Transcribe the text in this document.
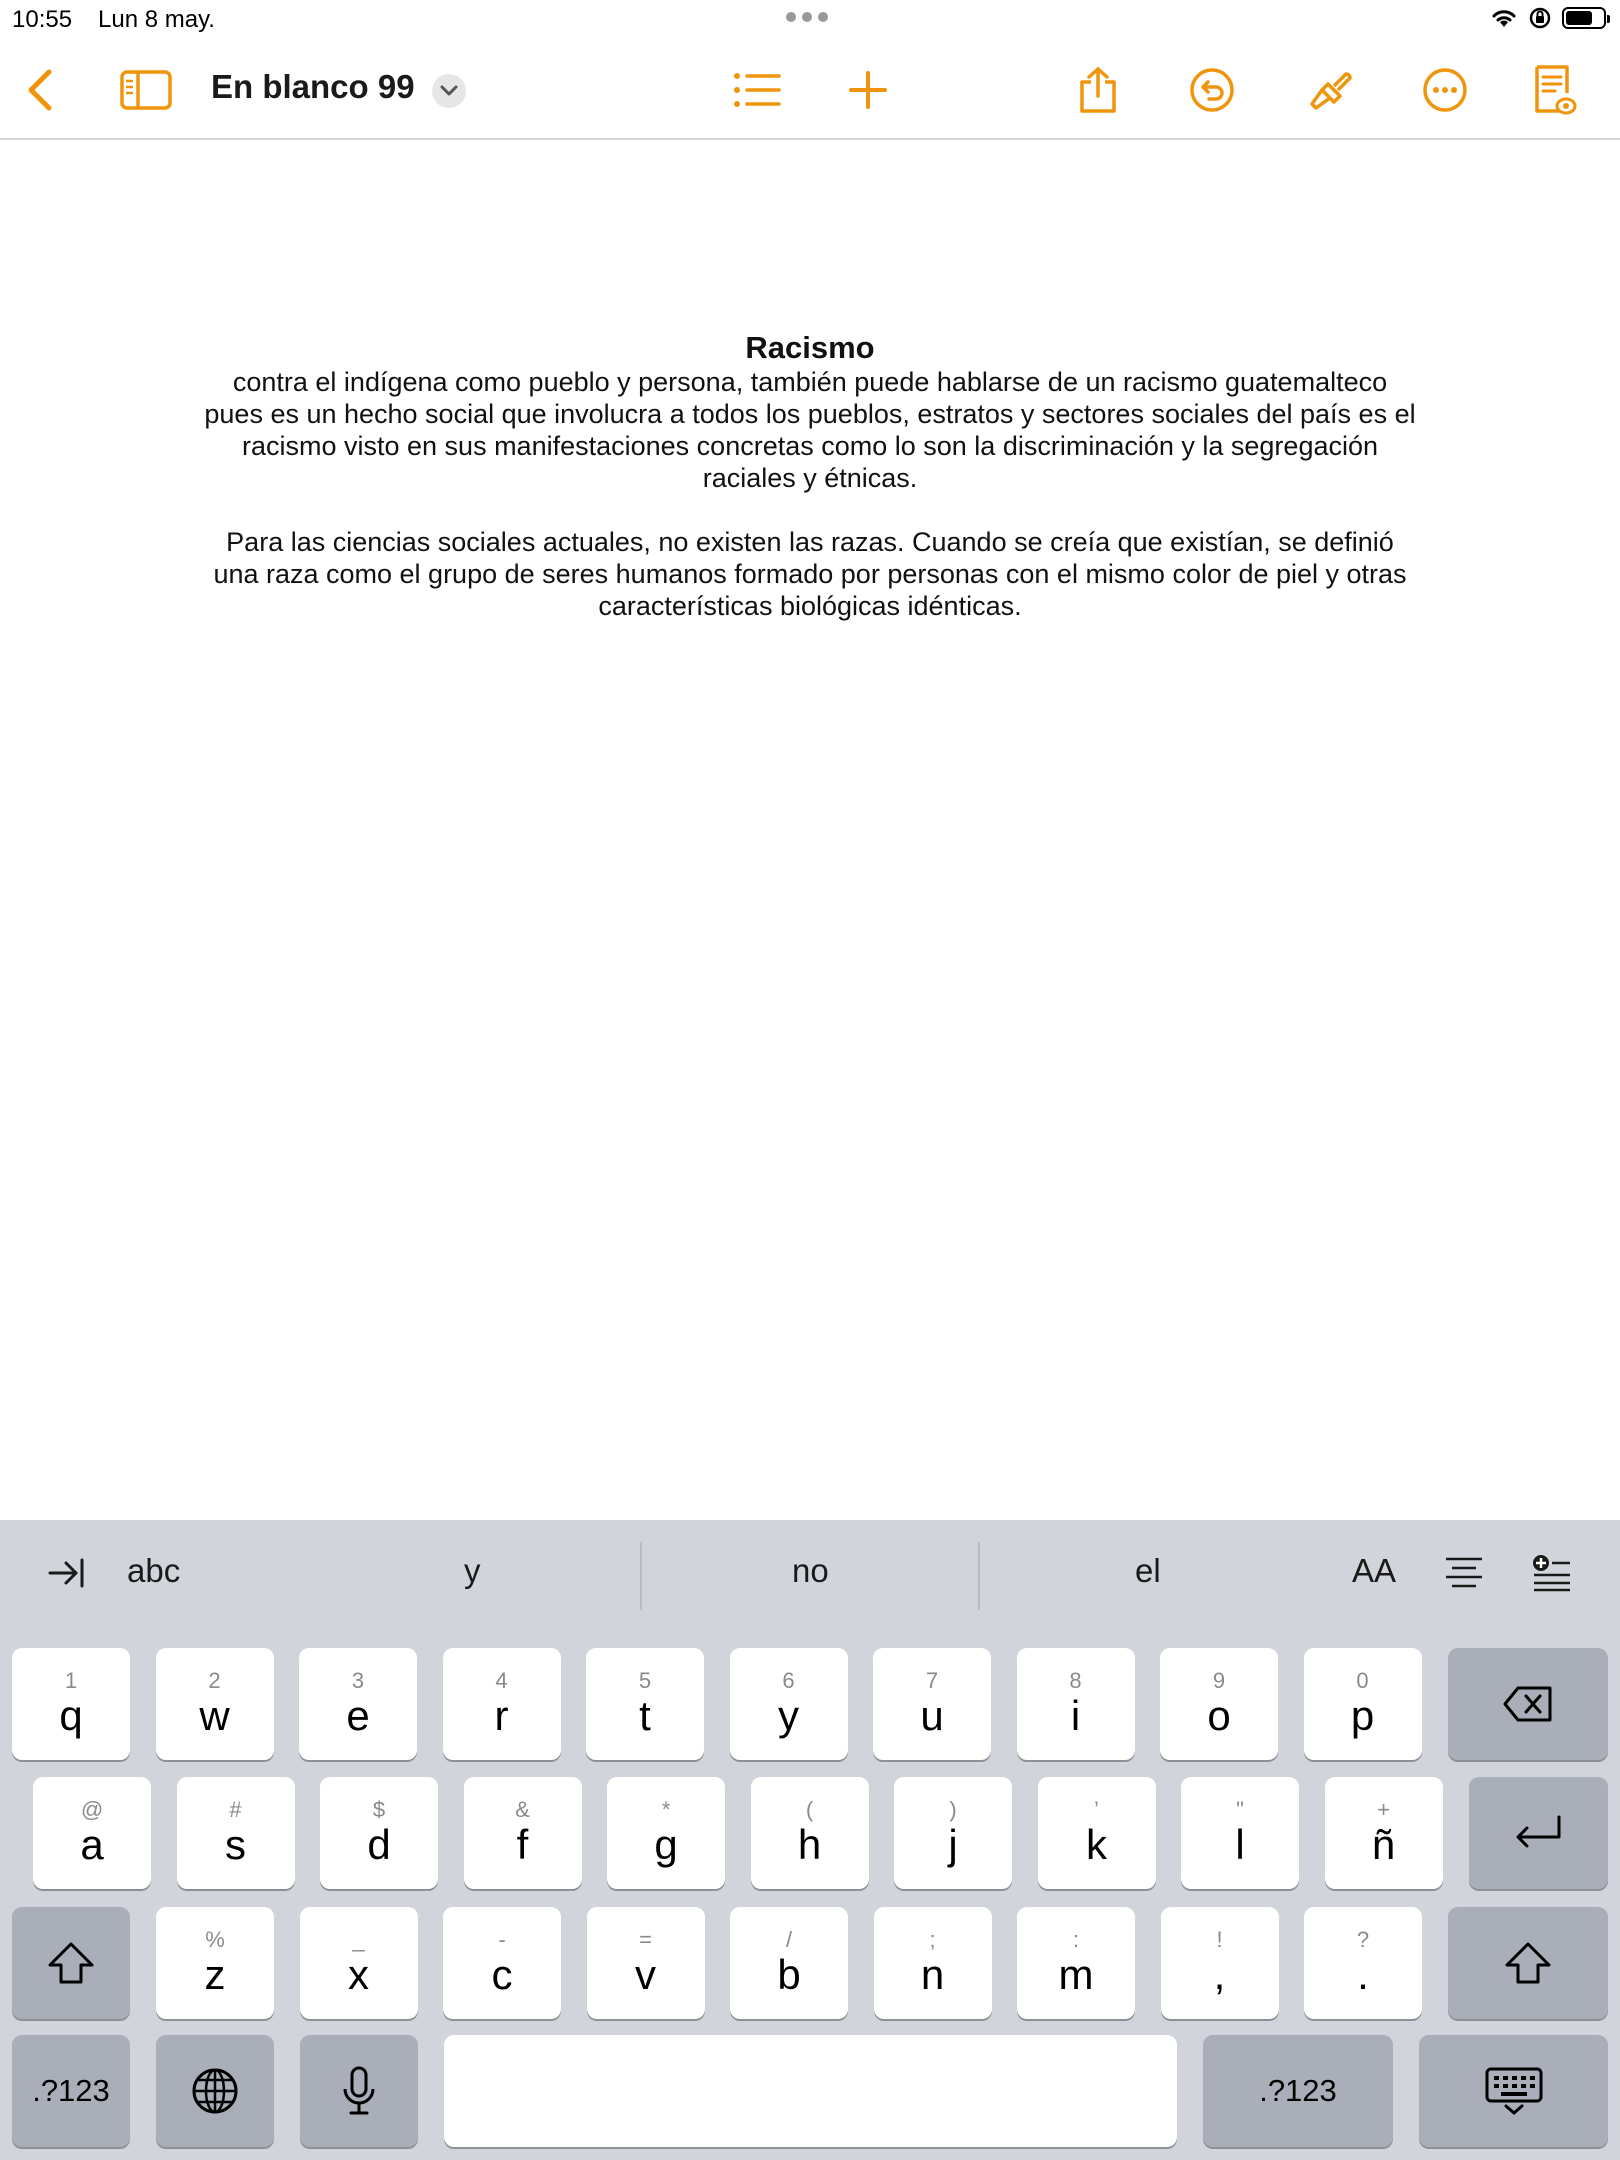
10:55 Lun 8 may.
En blanco 99
Racismo

contra el indígena como pueblo y persona, también puede hablarse de un racismo guatemalteco pues es un hecho social que involucra a todos los pueblos, estratos y sectores sociales del país es el racismo visto en sus manifestaciones concretas como lo son la discriminación y la segregación raciales y étnicas.

Para las ciencias sociales actuales, no existen las razas. Cuando se creía que existían, se definió una raza como el grupo de seres humanos formado por personas con el mismo color de piel y otras características biológicas idénticas.

abc	y	no	el	AA
1
q
2
w
3
e
4
r
5
t
6
y
7
u
8
i
9
o
0
p
@
a
#
s
$
d
&
f
*
g
(
h
)
j
’
k
"
l
+
ñ
%
z
_
x
-
c
=
v
/
b
;
n
:
m
!
,
?
.
.?123	.?123
